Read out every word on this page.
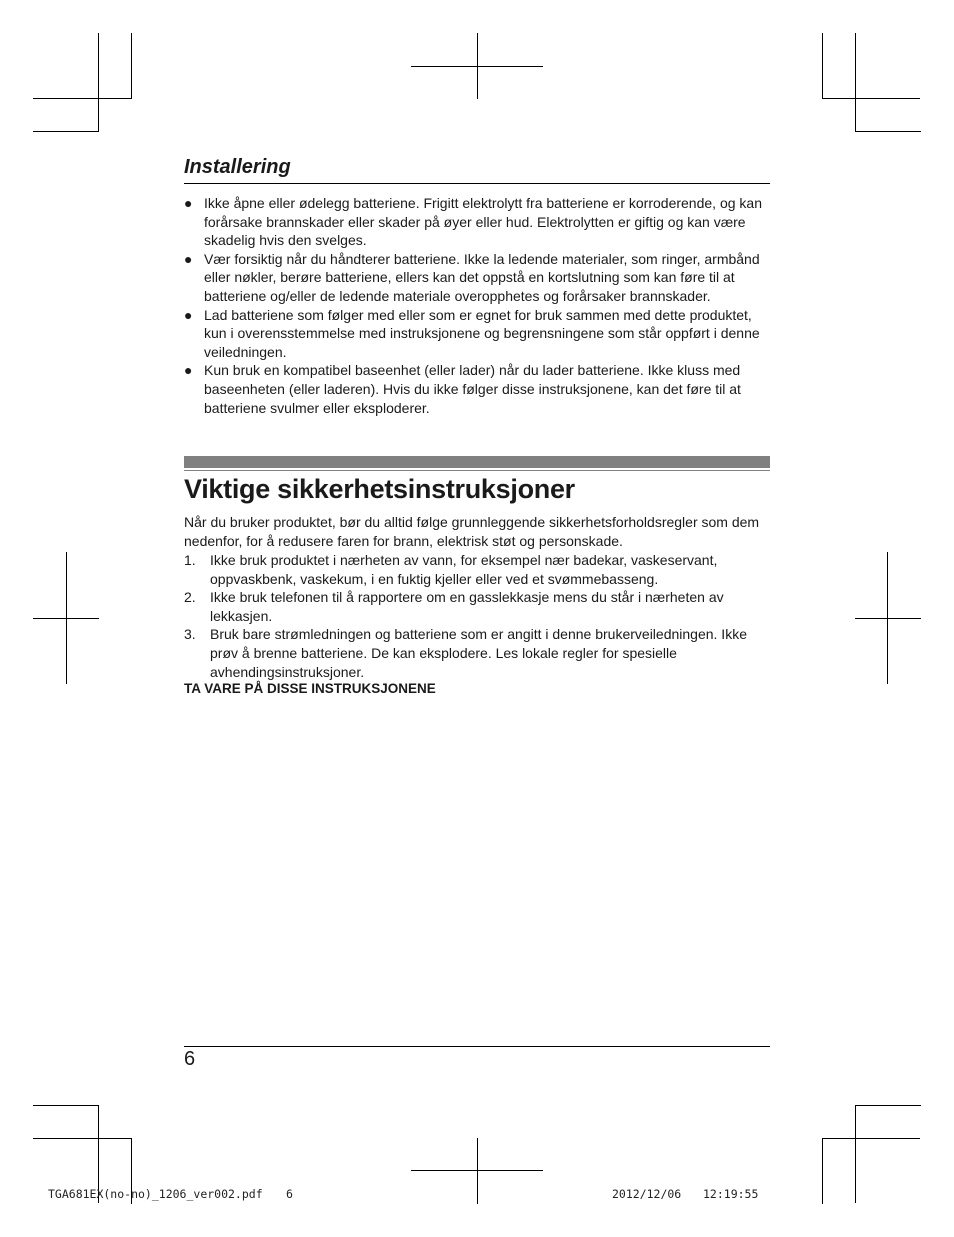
Installering
● Ikke åpne eller ødelegg batteriene. Frigitt elektrolytt fra batteriene er korroderende, og kan forårsake brannskader eller skader på øyer eller hud. Elektrolytten er giftig og kan være skadelig hvis den svelges.
● Vær forsiktig når du håndterer batteriene. Ikke la ledende materialer, som ringer, armbånd eller nøkler, berøre batteriene, ellers kan det oppstå en kortslutning som kan føre til at batteriene og/eller de ledende materiale overopphetes og forårsaker brannskader.
● Lad batteriene som følger med eller som er egnet for bruk sammen med dette produktet, kun i overensstemmelse med instruksjonene og begrensningene som står oppført i denne veiledningen.
● Kun bruk en kompatibel baseenhet (eller lader) når du lader batteriene. Ikke kluss med baseenheten (eller laderen). Hvis du ikke følger disse instruksjonene, kan det føre til at batteriene svulmer eller eksploderer.
Viktige sikkerhetsinstruksjoner

Når du bruker produktet, bør du alltid følge grunnleggende sikkerhetsforholdsregler som dem nedenfor, for å redusere faren for brann, elektrisk støt og personskade.

1. Ikke bruk produktet i nærheten av vann, for eksempel nær badekar, vaskeservant, oppvaskbenk, vaskekum, i en fuktig kjeller eller ved et svømmebasseng.
2. Ikke bruk telefonen til å rapportere om en gasslekkasje mens du står i nærheten av lekkasjen.
3. Bruk bare strømledningen og batteriene som er angitt i denne brukerveiledningen. Ikke prøv å brenne batteriene. De kan eksplodere. Les lokale regler for spesielle avhendingsinstruksjoner.

TA VARE PÅ DISSE INSTRUKSJONENE

6

TGA681EX(no-no)_1206_ver002.pdf 6	2012/12/06 12:19:55
